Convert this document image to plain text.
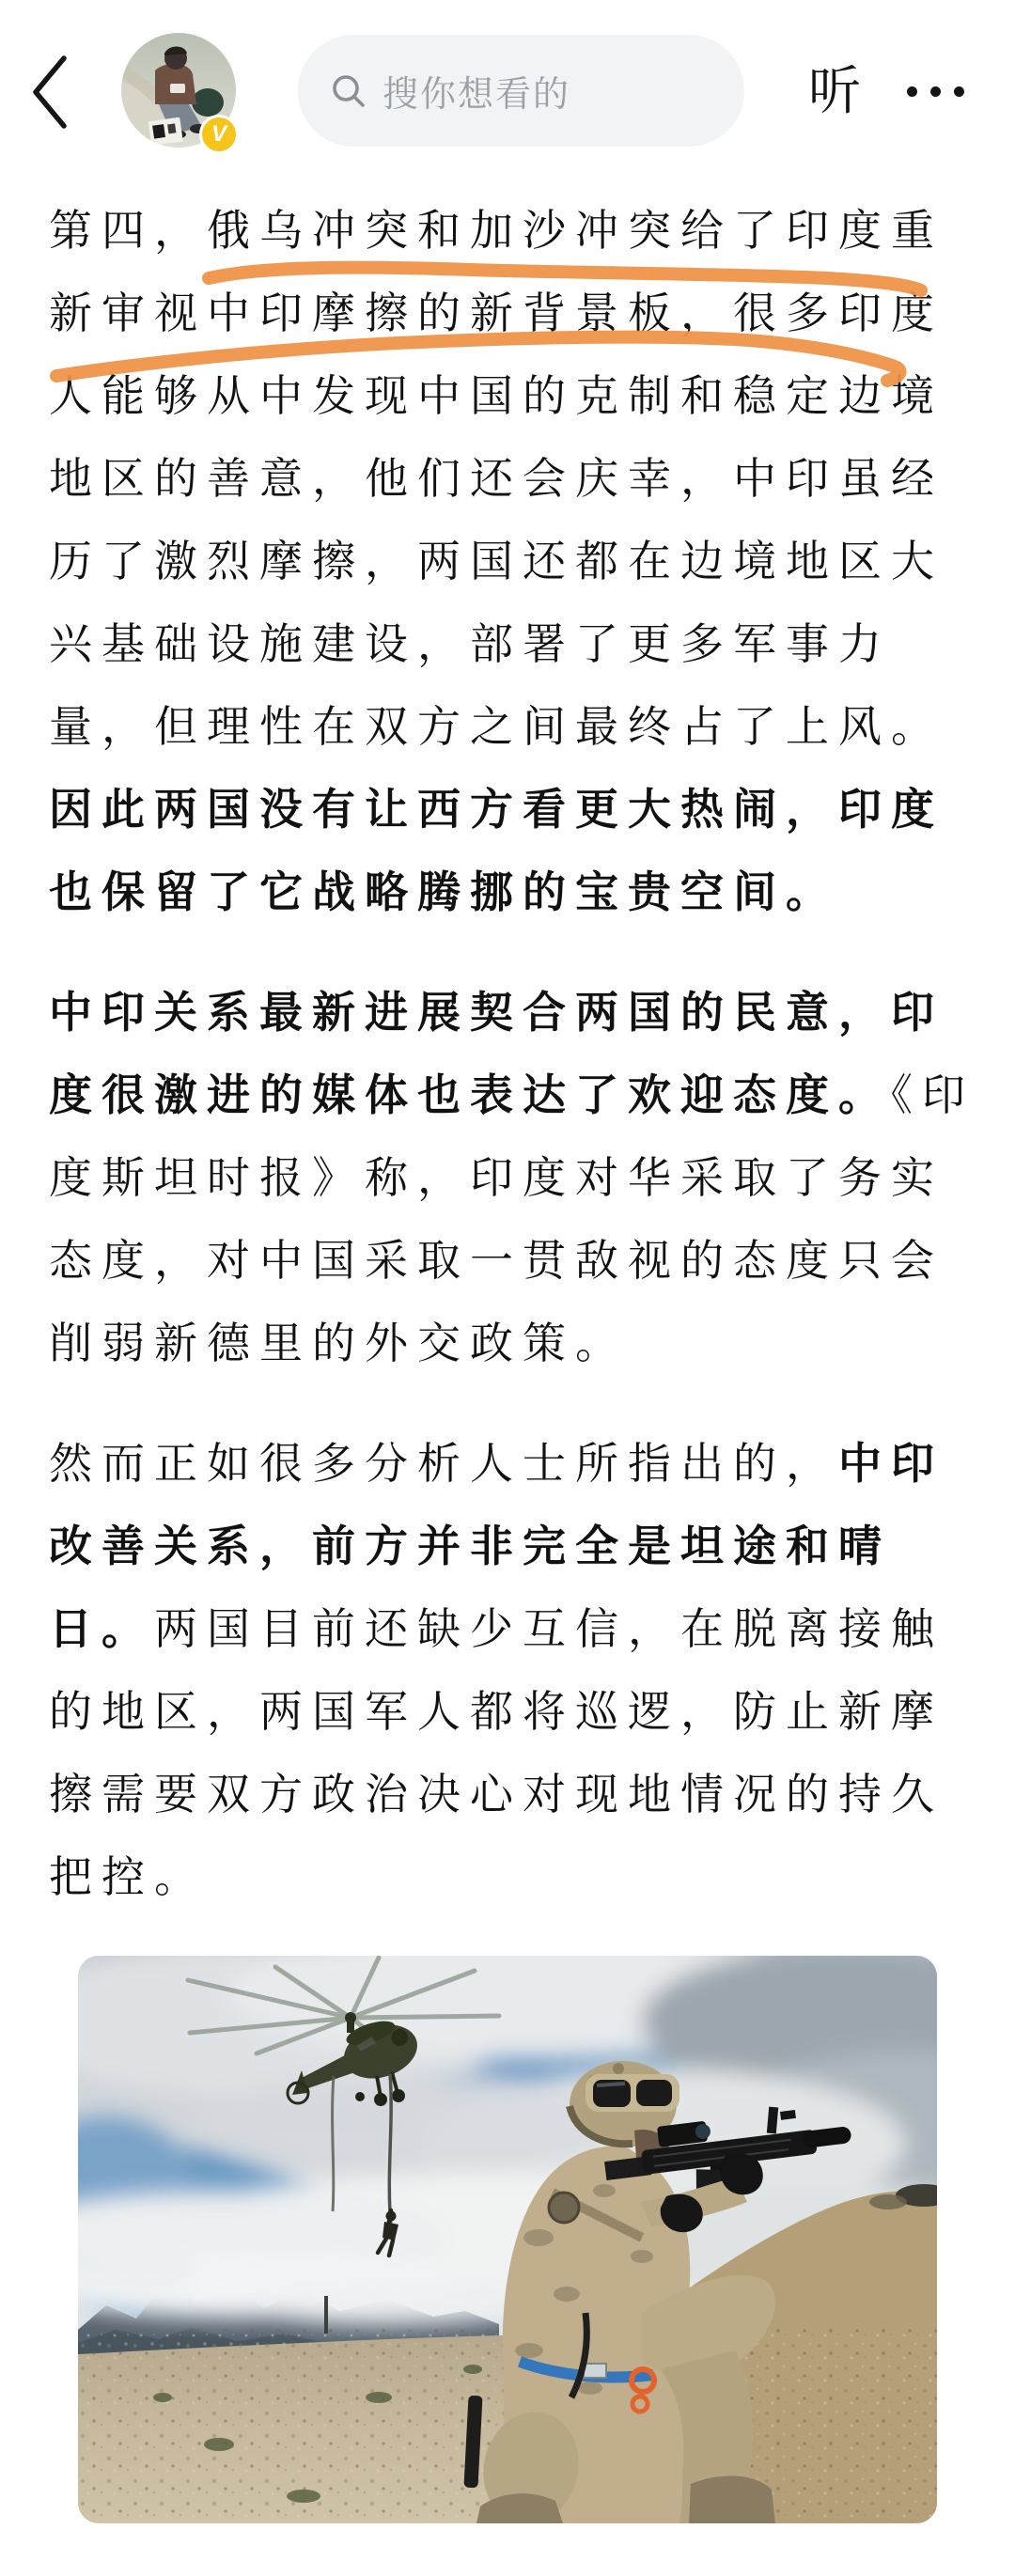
V
搜你想看的	听
第四，俄乌冲突和加沙冲突给了印度重
新审视中印摩擦的新背景板，很多印度
人能够从中发现中国的克制和稳定边境
地区的善意，他们还会庆幸，中印虽经
历了激烈摩擦，两国还都在边境地区大
兴基础设施建设，部署了更多军事力
量，但理性在双方之间最终占了上风。
因此两国没有让西方看更大热闹，印度
也保留了它战略腾挪的宝贵空间。
中印关系最新进展契合两国的民意，印
度很激进的媒体也表达了欢迎态度。《印
度斯坦时报》称，印度对华采取了务实
态度，对中国采取一贯敌视的态度只会
削弱新德里的外交政策。
然而正如很多分析人士所指出的，中印
改善关系，前方并非完全是坦途和晴
日。两国目前还缺少互信，在脱离接触
的地区，两国军人都将巡逻，防止新摩
擦需要双方政治决心对现地情况的持久
把控。
